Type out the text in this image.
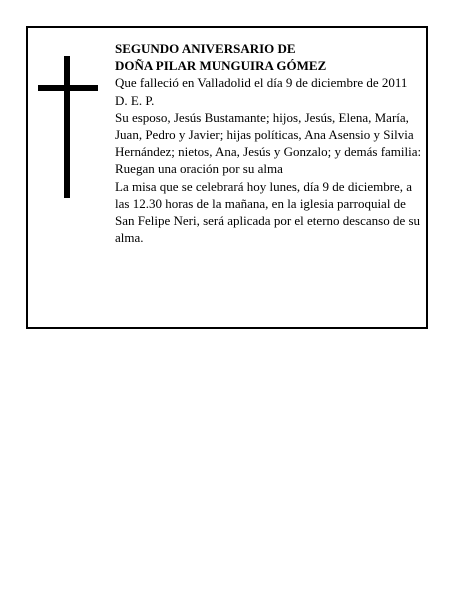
SEGUNDO ANIVERSARIO DE

DOÑA PILAR MUNGUIRA GÓMEZ

Que falleció en Valladolid el día 9 de diciembre de 2011

D. E. P.

Su esposo, Jesús Bustamante; hijos, Jesús, Elena, María, Juan, Pedro y Javier; hijas políticas, Ana Asensio y Silvia Hernández; nietos, Ana, Jesús y Gonzalo; y demás familia:

Ruegan una oración por su alma

La misa que se celebrará hoy lunes, día 9 de diciembre, a las 12.30 horas de la mañana, en la iglesia parroquial de San Felipe Neri, será aplicada por el eterno descanso de su alma.
